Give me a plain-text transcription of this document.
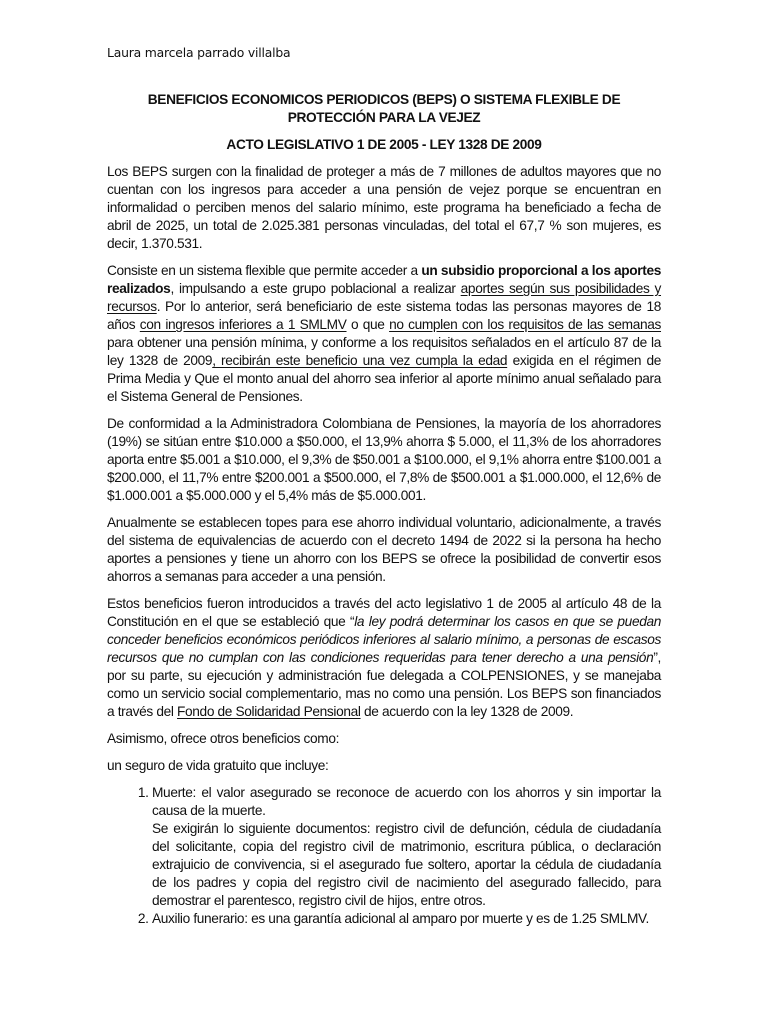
Laura marcela parrado villalba
BENEFICIOS ECONOMICOS PERIODICOS (BEPS) O SISTEMA FLEXIBLE DE PROTECCIÓN PARA LA VEJEZ
ACTO LEGISLATIVO 1 DE 2005 - LEY 1328 DE 2009

Los BEPS surgen con la finalidad de proteger a más de 7 millones de adultos mayores que no cuentan con los ingresos para acceder a una pensión de vejez porque se encuentran en informalidad o perciben menos del salario mínimo, este programa ha beneficiado a fecha de abril de 2025, un total de 2.025.381 personas vinculadas, del total el 67,7 % son mujeres, es decir, 1.370.531.

Consiste en un sistema flexible que permite acceder a un subsidio proporcional a los aportes realizados, impulsando a este grupo poblacional a realizar aportes según sus posibilidades y recursos. Por lo anterior, será beneficiario de este sistema todas las personas mayores de 18 años con ingresos inferiores a 1 SMLMV o que no cumplen con los requisitos de las semanas para obtener una pensión mínima, y conforme a los requisitos señalados en el artículo 87 de la ley 1328 de 2009, recibirán este beneficio una vez cumpla la edad exigida en el régimen de Prima Media y Que el monto anual del ahorro sea inferior al aporte mínimo anual señalado para el Sistema General de Pensiones.

De conformidad a la Administradora Colombiana de Pensiones, la mayoría de los ahorradores (19%) se sitúan entre $10.000 a $50.000, el 13,9% ahorra $ 5.000, el 11,3% de los ahorradores aporta entre $5.001 a $10.000, el 9,3% de $50.001 a $100.000, el 9,1% ahorra entre $100.001 a $200.000, el 11,7% entre $200.001 a $500.000, el 7,8% de $500.001 a $1.000.000, el 12,6% de $1.000.001 a $5.000.000 y el 5,4% más de $5.000.001.

Anualmente se establecen topes para ese ahorro individual voluntario, adicionalmente, a través del sistema de equivalencias de acuerdo con el decreto 1494 de 2022 si la persona ha hecho aportes a pensiones y tiene un ahorro con los BEPS se ofrece la posibilidad de convertir esos ahorros a semanas para acceder a una pensión.

Estos beneficios fueron introducidos a través del acto legislativo 1 de 2005 al artículo 48 de la Constitución en el que se estableció que “la ley podrá determinar los casos en que se puedan conceder beneficios económicos periódicos inferiores al salario mínimo, a personas de escasos recursos que no cumplan con las condiciones requeridas para tener derecho a una pensión”, por su parte, su ejecución y administración fue delegada a COLPENSIONES, y se manejaba como un servicio social complementario, mas no como una pensión. Los BEPS son financiados a través del Fondo de Solidaridad Pensional de acuerdo con la ley 1328 de 2009.

Asimismo, ofrece otros beneficios como:

un seguro de vida gratuito que incluye:

1. Muerte: el valor asegurado se reconoce de acuerdo con los ahorros y sin importar la causa de la muerte.
Se exigirán lo siguiente documentos: registro civil de defunción, cédula de ciudadanía del solicitante, copia del registro civil de matrimonio, escritura pública, o declaración extrajuicio de convivencia, si el asegurado fue soltero, aportar la cédula de ciudadanía de los padres y copia del registro civil de nacimiento del asegurado fallecido, para demostrar el parentesco, registro civil de hijos, entre otros.
2. Auxilio funerario: es una garantía adicional al amparo por muerte y es de 1.25 SMLMV.
